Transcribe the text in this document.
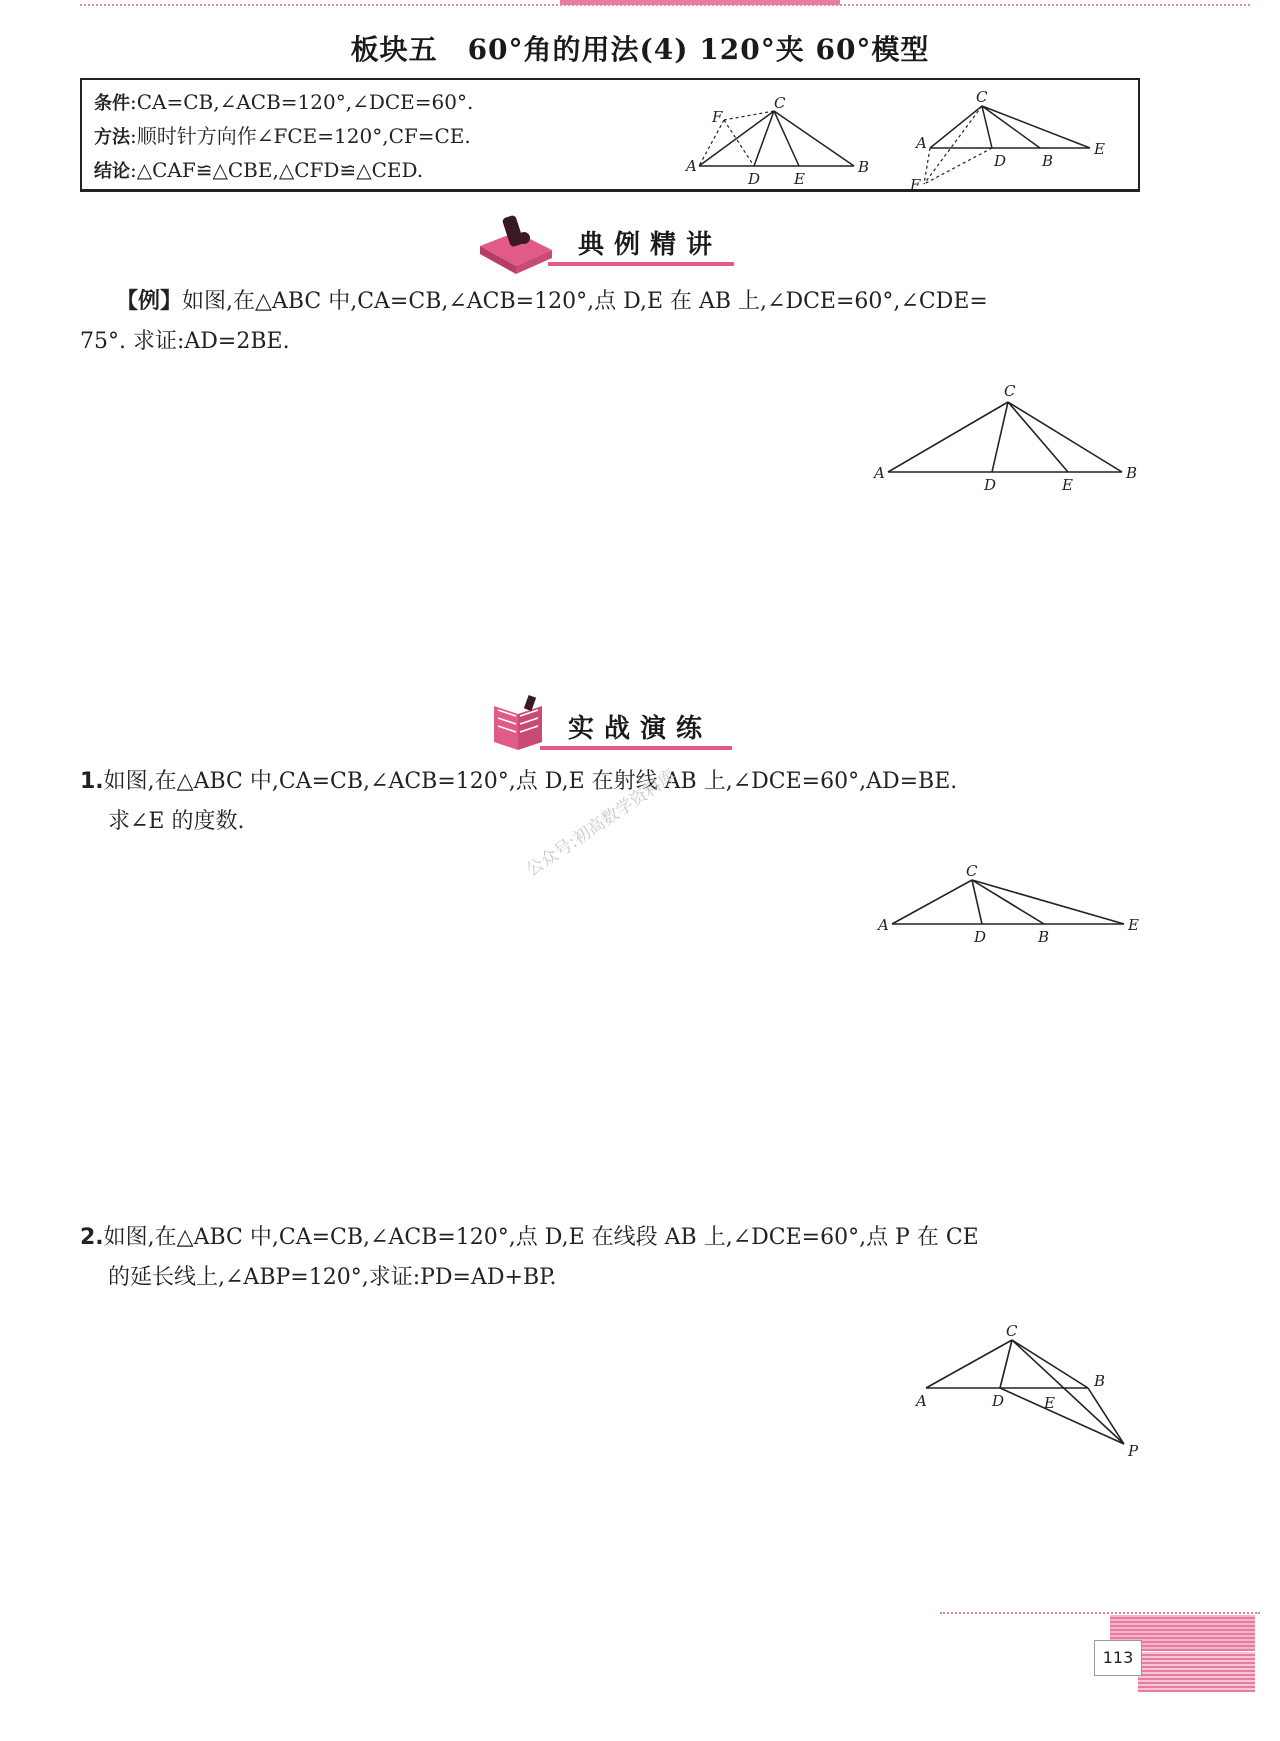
板块五 60°角的用法(4) 120°夹 60°模型
条件:CA=CB,∠ACB=120°,∠DCE=60°.
方法:顺时针方向作∠FCE=120°,CF=CE.
结论:△CAF≌△CBE,△CFD≌△CED.
F
C
A
D E
B
C
A
D B
E
F
典例精讲
【例】如图,在△ABC 中,CA=CB,∠ACB=120°,点 D,E 在 AB 上,∠DCE=60°,∠CDE=
75°. 求证:AD=2BE.
C
A
D	E
B
实战演练
1.如图,在△ABC 中,CA=CB,∠ACB=120°,点 D,E 在射线 AB 上,∠DCE=60°,AD=BE.
求∠E 的度数.	公众号:初高数学资料库	C
A
D	B
E
2.如图,在△ABC 中,CA=CB,∠ACB=120°,点 D,E 在线段 AB 上,∠DCE=60°,点 P 在 CE
的延长线上,∠ABP=120°,求证:PD=AD+BP.
C
A	D	E
B
P
113
